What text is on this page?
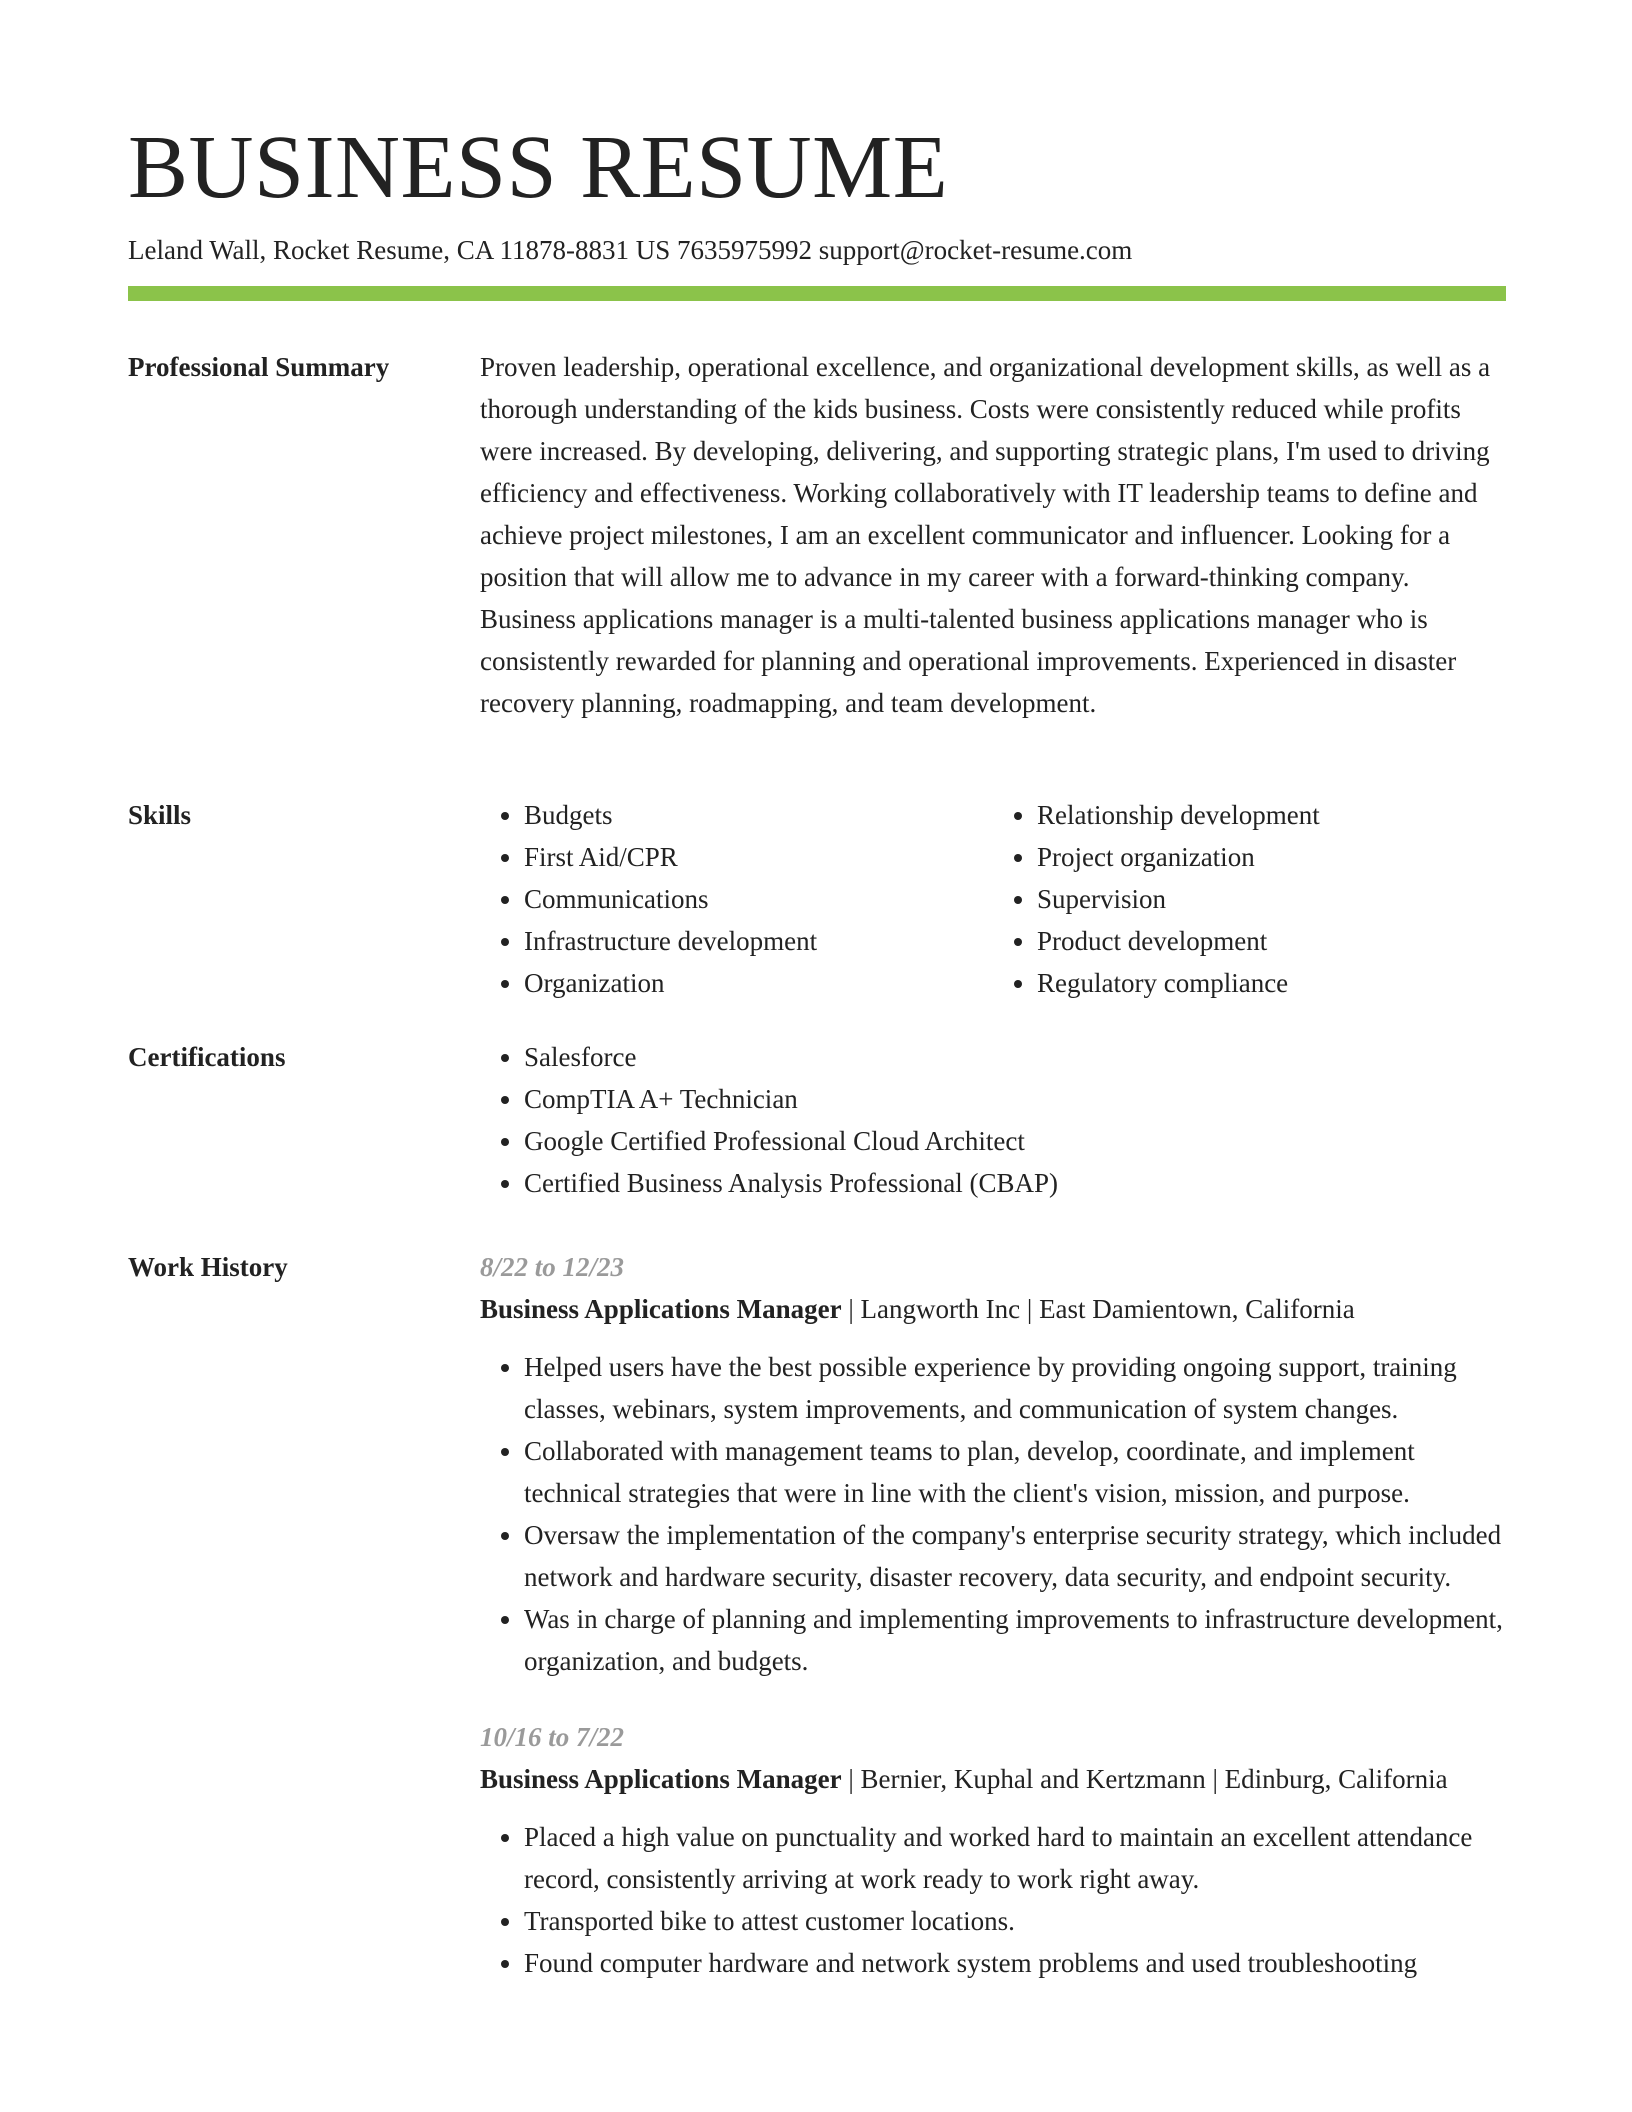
BUSINESS RESUME
Leland Wall, Rocket Resume, CA 11878-8831 US 7635975992 support@rocket-resume.com
Professional Summary	Proven leadership, operational excellence, and organizational development skills, as well as a thorough understanding of the kids business. Costs were consistently reduced while profits were increased. By developing, delivering, and supporting strategic plans, I'm used to driving efficiency and effectiveness. Working collaboratively with IT leadership teams to define and achieve project milestones, I am an excellent communicator and influencer. Looking for a position that will allow me to advance in my career with a forward-thinking company. Business applications manager is a multi-talented business applications manager who is consistently rewarded for planning and operational improvements. Experienced in disaster recovery planning, roadmapping, and team development.

Skills	• Budgets
• First Aid/CPR
• Communications
• Infrastructure development
• Organization
• Relationship development
• Project organization
• Supervision
• Product development
• Regulatory compliance
Certifications	• Salesforce
• CompTIA A+ Technician
• Google Certified Professional Cloud Architect
• Certified Business Analysis Professional (CBAP)
Work History	8/22 to 12/23
Business Applications Manager | Langworth Inc | East Damientown, California
• Helped users have the best possible experience by providing ongoing support, training classes, webinars, system improvements, and communication of system changes.
• Collaborated with management teams to plan, develop, coordinate, and implement technical strategies that were in line with the client's vision, mission, and purpose.
• Oversaw the implementation of the company's enterprise security strategy, which included network and hardware security, disaster recovery, data security, and endpoint security.
• Was in charge of planning and implementing improvements to infrastructure development, organization, and budgets.
10/16 to 7/22
Business Applications Manager | Bernier, Kuphal and Kertzmann | Edinburg, California
• Placed a high value on punctuality and worked hard to maintain an excellent attendance record, consistently arriving at work ready to work right away.
• Transported bike to attest customer locations.
• Found computer hardware and network system problems and used troubleshooting
